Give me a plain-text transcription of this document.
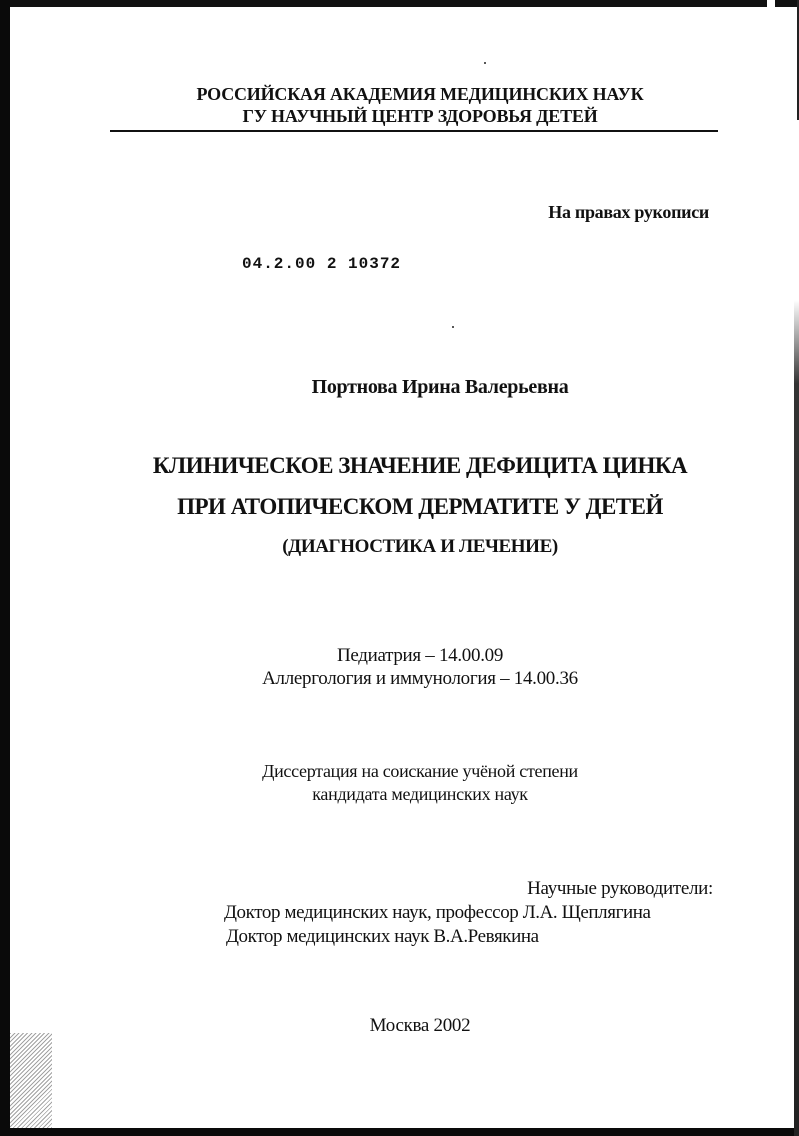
РОССИЙСКАЯ АКАДЕМИЯ МЕДИЦИНСКИХ НАУК
ГУ НАУЧНЫЙ ЦЕНТР ЗДОРОВЬЯ ДЕТЕЙ
На правах рукописи
04.2.00 2 10372
Портнова Ирина Валерьевна
КЛИНИЧЕСКОЕ ЗНАЧЕНИЕ ДЕФИЦИТА ЦИНКА
ПРИ АТОПИЧЕСКОМ ДЕРМАТИТЕ У ДЕТЕЙ
(ДИАГНОСТИКА И ЛЕЧЕНИЕ)
Педиатрия – 14.00.09
Аллергология и иммунология – 14.00.36
Диссертация на соискание учёной степени
кандидата медицинских наук
Научные руководители:
Доктор медицинских наук, профессор Л.А. Щеплягина
Доктор медицинских наук В.А.Ревякина
Москва 2002
